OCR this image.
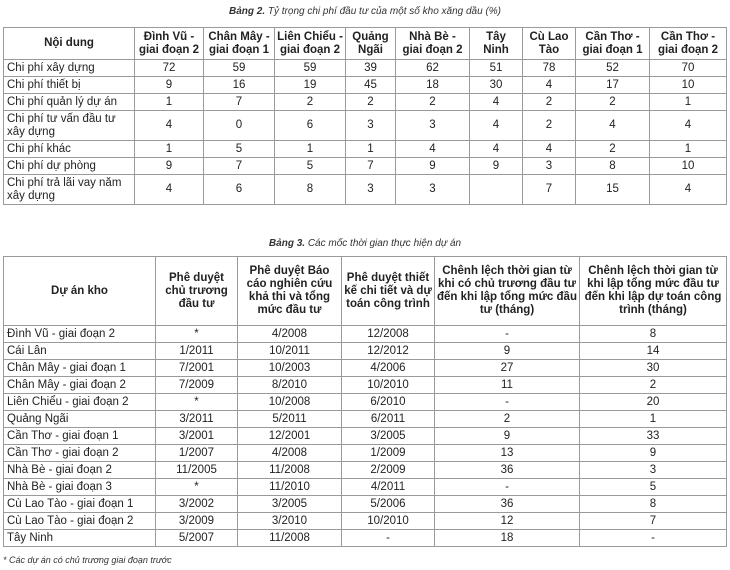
Bảng 2. Tỷ trọng chi phí đầu tư của một số kho xăng dầu (%)
Nội dung	Đình Vũ - giai đoạn 2	Chân Mây - giai đoạn 1	Liên Chiểu - giai đoạn 2	Quảng Ngãi	Nhà Bè - giai đoạn 2	Tây Ninh	Cù Lao Tào	Cần Thơ - giai đoạn 1	Cần Thơ - giai đoạn 2
Chi phí xây dựng	72	59	59	39	62	51	78	52	70
Chi phí thiết bị	9	16	19	45	18	30	4	17	10
Chi phí quản lý dự án	1	7	2	2	2	4	2	2	1
Chi phí tư vấn đầu tư xây dựng	4	0	6	3	3	4	2	4	4
Chi phí khác	1	5	1	1	4	4	4	2	1
Chi phí dự phòng	9	7	5	7	9	9	3	8	10
Chi phí trả lãi vay năm xây dựng	4	6	8	3	3		7	15	4
Bảng 3. Các mốc thời gian thực hiện dự án
Dự án kho	Phê duyệt chủ trương đầu tư	Phê duyệt Báo cáo nghiên cứu khả thi và tổng mức đầu tư	Phê duyệt thiết kế chi tiết và dự toán công trình	Chênh lệch thời gian từ khi có chủ trương đầu tư đến khi lập tổng mức đầu tư (tháng)	Chênh lệch thời gian từ khi lập tổng mức đầu tư đến khi lập dự toán công trình (tháng)
Đình Vũ - giai đoạn 2	*	4/2008	12/2008	-	8
Cái Lân	1/2011	10/2011	12/2012	9	14
Chân Mây - giai đoạn 1	7/2001	10/2003	4/2006	27	30
Chân Mây - giai đoạn 2	7/2009	8/2010	10/2010	11	2
Liên Chiểu - giai đoạn 2	*	10/2008	6/2010	-	20
Quảng Ngãi	3/2011	5/2011	6/2011	2	1
Cần Thơ - giai đoạn 1	3/2001	12/2001	3/2005	9	33
Cần Thơ - giai đoạn 2	1/2007	4/2008	1/2009	13	9
Nhà Bè - giai đoạn 2	11/2005	11/2008	2/2009	36	3
Nhà Bè - giai đoạn 3	*	11/2010	4/2011	-	5
Cù Lao Tào - giai đoạn 1	3/2002	3/2005	5/2006	36	8
Cù Lao Tào - giai đoạn 2	3/2009	3/2010	10/2010	12	7
Tây Ninh	5/2007	11/2008	-	18	-
* Các dự án có chủ trương giai đoạn trước
